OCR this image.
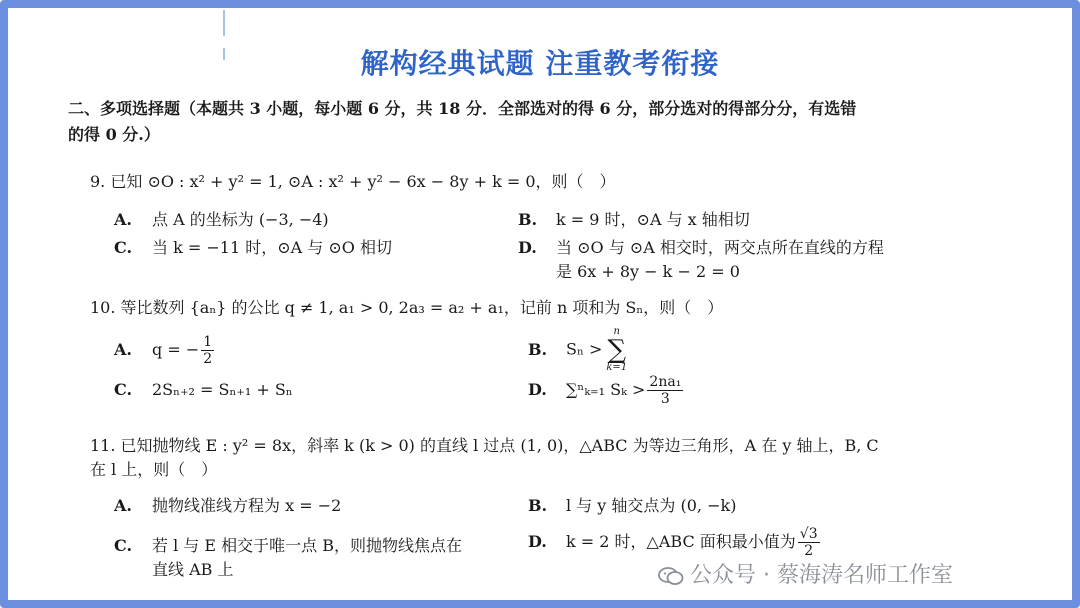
解构经典试题 注重教考衔接
二、多项选择题（本题共 3 小题，每小题 6 分，共 18 分．全部选对的得 6 分，部分选对的得部分分，有选错
的得 0 分.）
9. 已知 ⊙O : x² + y² = 1, ⊙A : x² + y² − 6x − 8y + k = 0，则（　）
A. 点 A 的坐标为 (−3, −4)	B. k = 9 时，⊙A 与 x 轴相切
C. 当 k = −11 时，⊙A 与 ⊙O 相切	D. 当 ⊙O 与 ⊙A 相交时，两交点所在直线的方程
是 6x + 8y − k − 2 = 0
10. 等比数列 {aₙ} 的公比 q ≠ 1, a₁ > 0, 2a₃ = a₂ + a₁，记前 n 项和为 Sₙ，则（　）
A. q = − $\frac{1}{2}$	B. Sₙ >
n
∑
k=1
C. 2Sₙ₊₂ = Sₙ₊₁ + Sₙ	D. ∑ⁿₖ₌₁ $S_k > \frac{\text{2na₁}}{3}$
11. 已知抛物线 E : y² = 8x，斜率 k (k > 0) 的直线 l 过点 (1, 0)，△ABC 为等边三角形，A 在 y 轴上，B, C
在 l 上，则（　）
A. 抛物线准线方程为 x = −2	B. l 与 y 轴交点为 (0, −k)
C. 若 l 与 E 相交于唯一点 B，则抛物线焦点在
直线 AB 上
D. k = 2 时，△ABC 面积最小值为 $\frac{√3}{2}$
公众号 · 蔡海涛名师工作室
